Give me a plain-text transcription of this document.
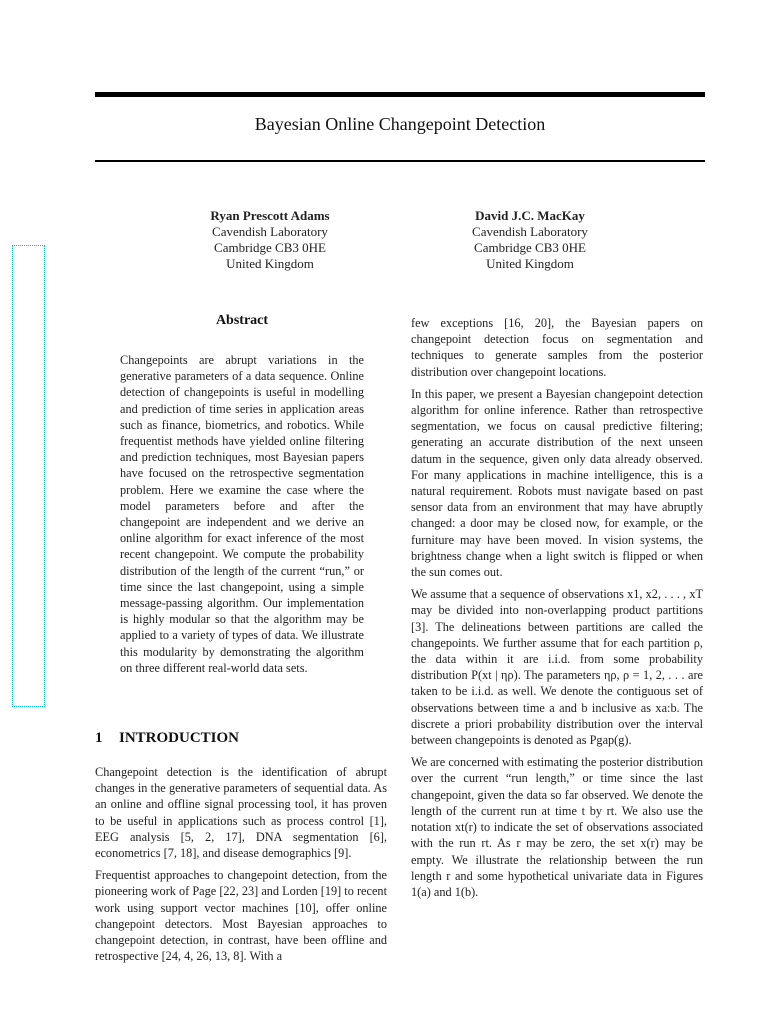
Bayesian Online Changepoint Detection
Ryan Prescott Adams
Cavendish Laboratory
Cambridge CB3 0HE
United Kingdom
David J.C. MacKay
Cavendish Laboratory
Cambridge CB3 0HE
United Kingdom
Abstract

Changepoints are abrupt variations in the generative parameters of a data sequence. Online detection of changepoints is useful in modelling and prediction of time series in application areas such as finance, biometrics, and robotics. While frequentist methods have yielded online filtering and prediction techniques, most Bayesian papers have focused on the retrospective segmentation problem. Here we examine the case where the model parameters before and after the changepoint are independent and we derive an online algorithm for exact inference of the most recent changepoint. We compute the probability distribution of the length of the current “run,” or time since the last changepoint, using a simple message-passing algorithm. Our implementation is highly modular so that the algorithm may be applied to a variety of types of data. We illustrate this modularity by demonstrating the algorithm on three different real-world data sets.

1 INTRODUCTION

Changepoint detection is the identification of abrupt changes in the generative parameters of sequential data. As an online and offline signal processing tool, it has proven to be useful in applications such as process control [1], EEG analysis [5, 2, 17], DNA segmentation [6], econometrics [7, 18], and disease demographics [9].

Frequentist approaches to changepoint detection, from the pioneering work of Page [22, 23] and Lorden [19] to recent work using support vector machines [10], offer online changepoint detectors. Most Bayesian approaches to changepoint detection, in contrast, have been offline and retrospective [24, 4, 26, 13, 8]. With a

few exceptions [16, 20], the Bayesian papers on changepoint detection focus on segmentation and techniques to generate samples from the posterior distribution over changepoint locations.

In this paper, we present a Bayesian changepoint detection algorithm for online inference. Rather than retrospective segmentation, we focus on causal predictive filtering; generating an accurate distribution of the next unseen datum in the sequence, given only data already observed. For many applications in machine intelligence, this is a natural requirement. Robots must navigate based on past sensor data from an environment that may have abruptly changed: a door may be closed now, for example, or the furniture may have been moved. In vision systems, the brightness change when a light switch is flipped or when the sun comes out.

We assume that a sequence of observations x1, x2, . . . , xT may be divided into non-overlapping product partitions [3]. The delineations between partitions are called the changepoints. We further assume that for each partition ρ, the data within it are i.i.d. from some probability distribution P(xt | ηρ). The parameters ηρ, ρ = 1, 2, . . . are taken to be i.i.d. as well. We denote the contiguous set of observations between time a and b inclusive as xa:b. The discrete a priori probability distribution over the interval between changepoints is denoted as Pgap(g).

We are concerned with estimating the posterior distribution over the current “run length,” or time since the last changepoint, given the data so far observed. We denote the length of the current run at time t by rt. We also use the notation xt(r) to indicate the set of observations associated with the run rt. As r may be zero, the set x(r) may be empty. We illustrate the relationship between the run length r and some hypothetical univariate data in Figures 1(a) and 1(b).
